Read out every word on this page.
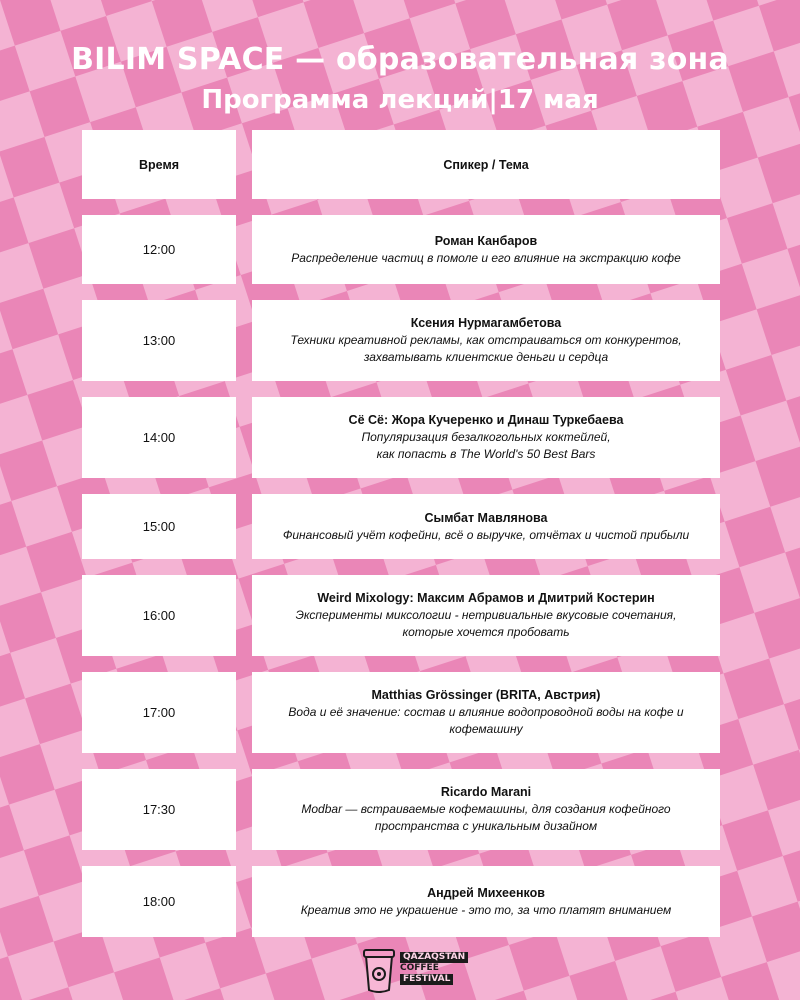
BILIM SPACE — образовательная зона
Программа лекций|17 мая
Время	Спикер / Тема
12:00
Роман Канбаров
Распределение частиц в помоле и его влияние на экстракцию кофе
13:00
Ксения Нурмагамбетова
Техники креативной рекламы, как отстраиваться от конкурентов,
захватывать клиентские деньги и сердца
14:00
Сё Сё: Жора Кучеренко и Динаш Туркебаева
Популяризация безалкогольных коктейлей,
как попасть в The World's 50 Best Bars
15:00
Сымбат Мавлянова
Финансовый учёт кофейни, всё о выручке, отчётах и чистой прибыли
16:00
Weird Mixology: Максим Абрамов и Дмитрий Костерин
Эксперименты миксологии - нетривиальные вкусовые сочетания,
которые хочется пробовать
17:00
Matthias Grössinger (BRITA, Австрия)
Вода и её значение: состав и влияние водопроводной воды на кофе и
кофемашину
17:30
Ricardo Marani
Modbar — встраиваемые кофемашины, для создания кофейного
пространства с уникальным дизайном
18:00
Андрей Михеенков
Креатив это не украшение - это то, за что платят вниманием
QAZAQSTAN
COFFEE
FESTIVAL
